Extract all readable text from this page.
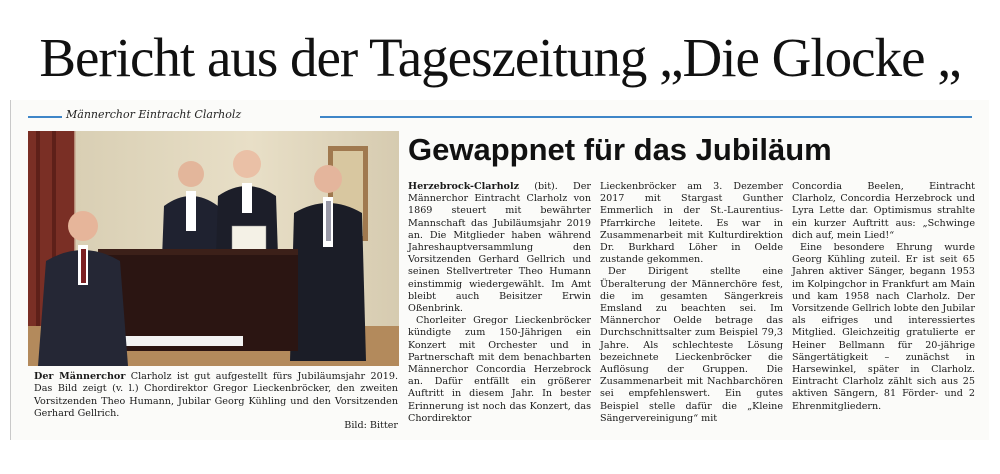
Bericht aus der Tageszeitung „Die Glocke „
Männerchor Eintracht Clarholz
Der Männerchor Clarholz ist gut aufgestellt fürs Jubiläumsjahr 2019. Das Bild zeigt (v. l.) Chordirektor Gregor Lieckenbröcker, den zweiten Vorsitzenden Theo Humann, Jubilar Georg Kühling und den Vorsitzenden Gerhard Gellrich.
Bild: Bitter
Gewappnet für das Jubiläum

Herzebrock-Clarholz (bit). Der Männerchor Eintracht Clarholz von 1869 steuert mit bewährter Mannschaft das Jubiläumsjahr 2019 an. Die Mitglieder haben während Jahreshauptversammlung den Vorsitzenden Gerhard Gellrich und seinen Stellvertreter Theo Humann einstimmig wiedergewählt. Im Amt bleibt auch Beisitzer Erwin Oßenbrink.

Chorleiter Gregor Lieckenbröcker kündigte zum 150-Jährigen ein Konzert mit Orchester und in Partnerschaft mit dem benachbarten Männerchor Concordia Herzebrock an. Dafür entfällt ein größerer Auftritt in diesem Jahr. In bester Erinnerung ist noch das Konzert, das Chordirektor

Lieckenbröcker am 3. Dezember 2017 mit Stargast Gunther Emmerlich in der St.-Laurentius-Pfarrkirche leitete. Es war in Zusammenarbeit mit Kulturdirektion Dr. Burkhard Löher in Oelde zustande gekommen.

Der Dirigent stellte eine Überalterung der Männerchöre fest, die im gesamten Sängerkreis Emsland zu beachten sei. Im Männerchor Oelde betrage das Durchschnittsalter zum Beispiel 79,3 Jahre. Als schlechteste Lösung bezeichnete Lieckenbröcker die Auflösung der Gruppen. Die Zusammenarbeit mit Nachbarchören sei empfehlenswert. Ein gutes Beispiel stelle dafür die „Kleine Sängervereinigung“ mit

Concordia Beelen, Eintracht Clarholz, Concordia Herzebrock und Lyra Lette dar. Optimismus strahlte ein kurzer Auftritt aus: „Schwinge dich auf, mein Lied!“

Eine besondere Ehrung wurde Georg Kühling zuteil. Er ist seit 65 Jahren aktiver Sänger, begann 1953 im Kolpingchor in Frankfurt am Main und kam 1958 nach Clarholz. Der Vorsitzende Gellrich lobte den Jubilar als eifriges und interessiertes Mitglied. Gleichzeitig gratulierte er Heiner Bellmann für 20-jährige Sängertätigkeit – zunächst in Harsewinkel, später in Clarholz. Eintracht Clarholz zählt sich aus 25 aktiven Sängern, 81 Förder- und 2 Ehrenmitgliedern.
